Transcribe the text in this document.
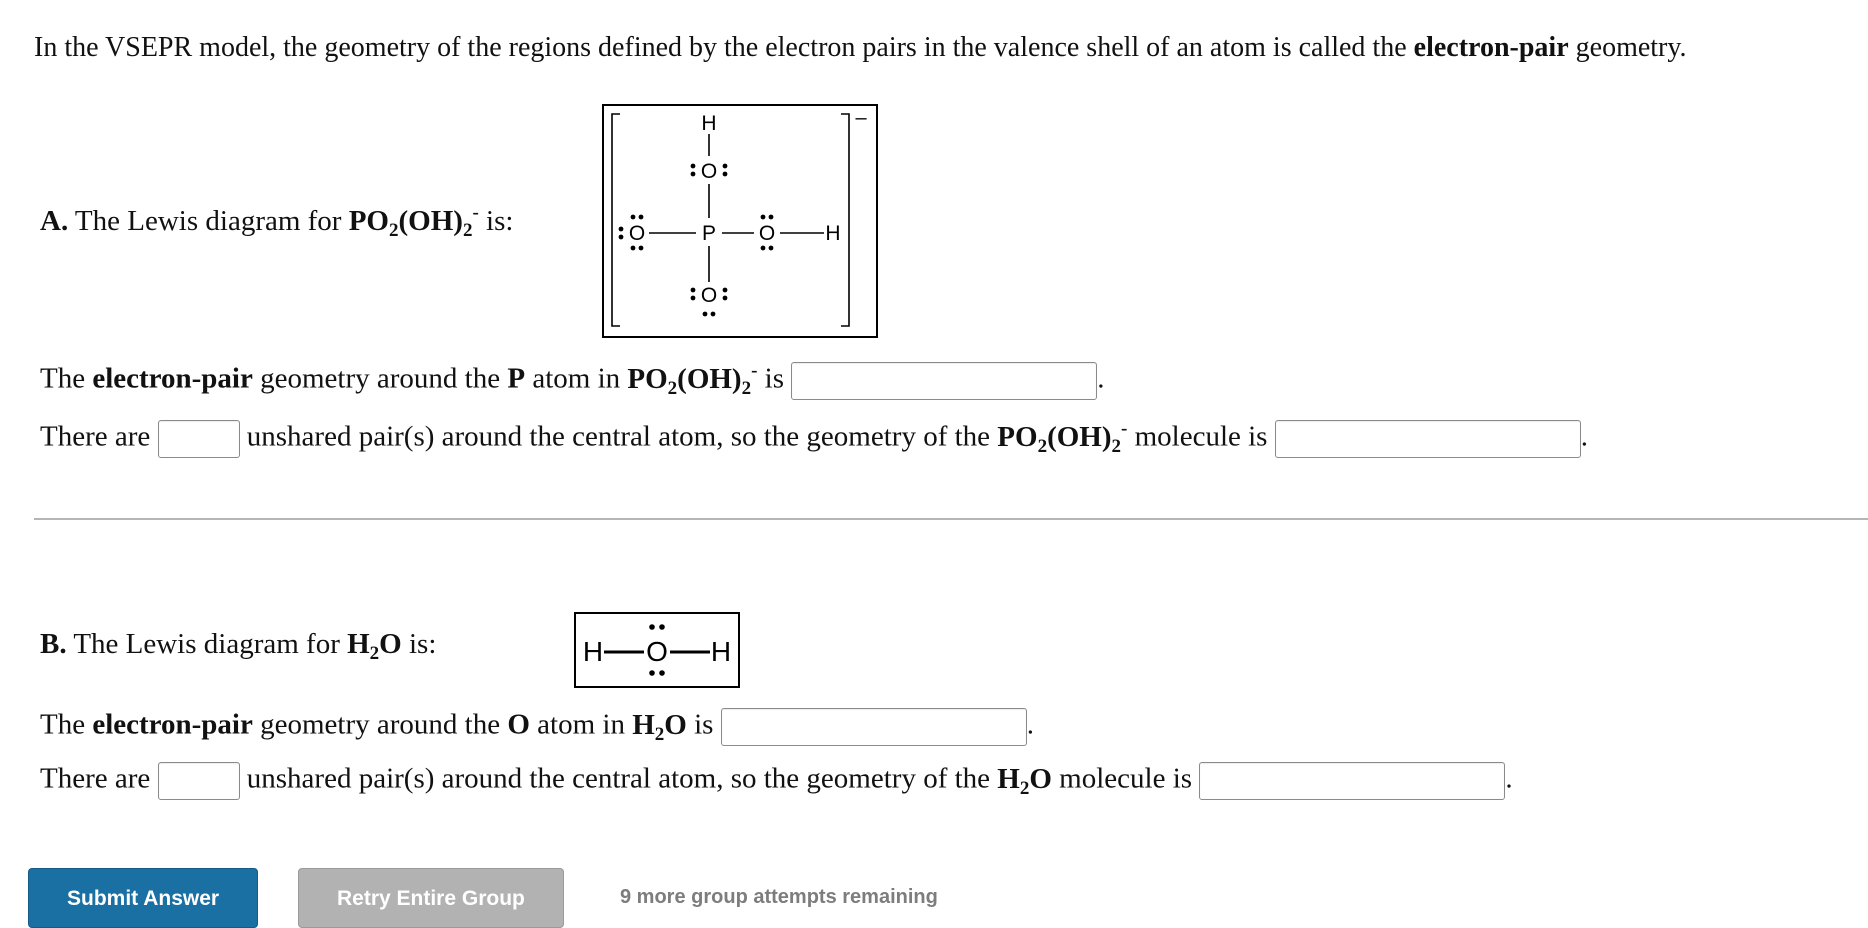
In the VSEPR model, the geometry of the regions defined by the electron pairs in the valence shell of an atom is called the electron-pair geometry.
A. The Lewis diagram for $PO_2(OH)_2^-$ is:
–
H
O
P O H
O
O
The electron-pair geometry around the P atom in $PO_2(OH)_2^-$ is	.
There are	unshared pair(s) around the central atom, so the geometry of the $PO_2(OH)_2^-$ molecule is	.
B. The Lewis diagram for $H_2O$ is:	H O H
The electron-pair geometry around the O atom in $H_2O$ is	.
There are	unshared pair(s) around the central atom, so the geometry of the $H_2O$ molecule is	.
Submit Answer	Retry Entire Group	9 more group attempts remaining
